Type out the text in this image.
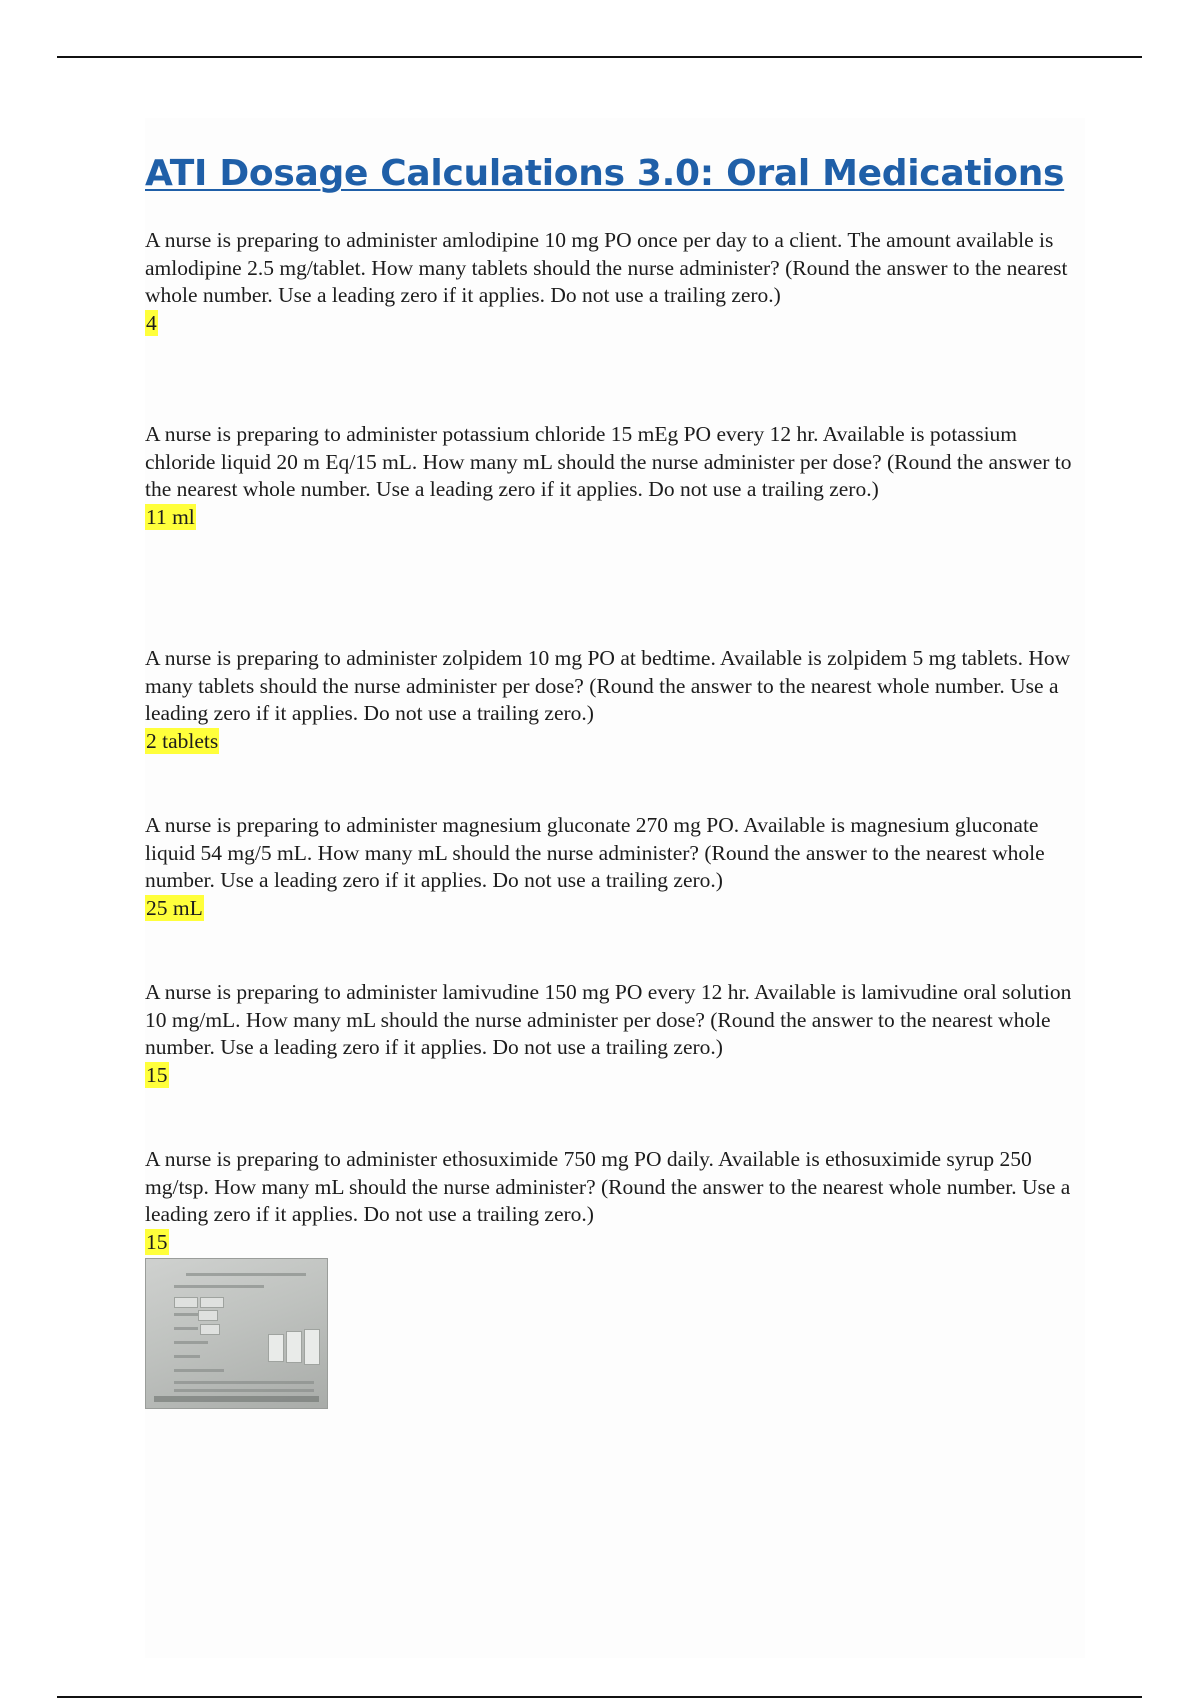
ATI Dosage Calculations 3.0: Oral Medications

A nurse is preparing to administer amlodipine 10 mg PO once per day to a client. The amount available is amlodipine 2.5 mg/tablet. How many tablets should the nurse administer? (Round the answer to the nearest whole number. Use a leading zero if it applies. Do not use a trailing zero.)

4

A nurse is preparing to administer potassium chloride 15 mEg PO every 12 hr. Available is potassium chloride liquid 20 m Eq/15 mL. How many mL should the nurse administer per dose? (Round the answer to the nearest whole number. Use a leading zero if it applies. Do not use a trailing zero.)

11 ml

A nurse is preparing to administer zolpidem 10 mg PO at bedtime. Available is zolpidem 5 mg tablets. How many tablets should the nurse administer per dose? (Round the answer to the nearest whole number. Use a leading zero if it applies. Do not use a trailing zero.)

2 tablets

A nurse is preparing to administer magnesium gluconate 270 mg PO. Available is magnesium gluconate liquid 54 mg/5 mL. How many mL should the nurse administer? (Round the answer to the nearest whole number. Use a leading zero if it applies. Do not use a trailing zero.)

25 mL

A nurse is preparing to administer lamivudine 150 mg PO every 12 hr. Available is lamivudine oral solution 10 mg/mL. How many mL should the nurse administer per dose? (Round the answer to the nearest whole number. Use a leading zero if it applies. Do not use a trailing zero.)

15

A nurse is preparing to administer ethosuximide 750 mg PO daily. Available is ethosuximide syrup 250 mg/tsp. How many mL should the nurse administer? (Round the answer to the nearest whole number. Use a leading zero if it applies. Do not use a trailing zero.)

15
